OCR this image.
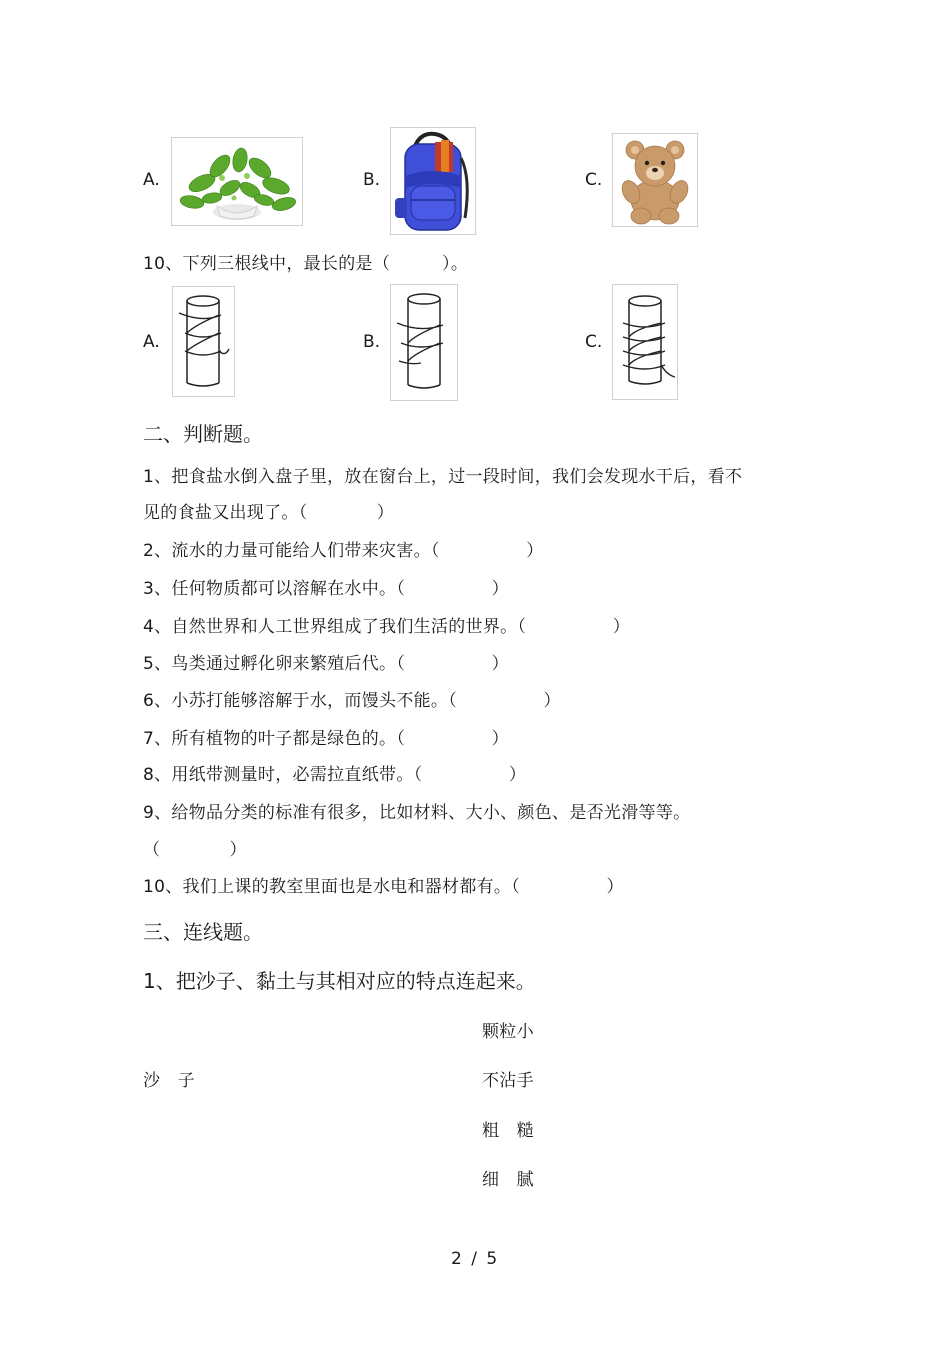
A.	B.	C.
10、下列三根线中，最长的是（　　　）。
A.	B.	C.
二、判断题。
1、把食盐水倒入盘子里，放在窗台上，过一段时间，我们会发现水干后，看不
见的食盐又出现了。（　　　　）
2、流水的力量可能给人们带来灾害。（　　　　　）
3、任何物质都可以溶解在水中。（　　　　　）
4、自然世界和人工世界组成了我们生活的世界。（　　　　　）
5、鸟类通过孵化卵来繁殖后代。（　　　　　）
6、小苏打能够溶解于水，而馒头不能。（　　　　　）
7、所有植物的叶子都是绿色的。（　　　　　）
8、用纸带测量时，必需拉直纸带。（　　　　　）
9、给物品分类的标准有很多，比如材料、大小、颜色、是否光滑等等。
（　　　　）
10、我们上课的教室里面也是水电和器材都有。（　　　　　）
三、连线题。
1、把沙子、黏土与其相对应的特点连起来。
沙　子
颗粒小
不沾手
粗　糙
细　腻
2 / 5
